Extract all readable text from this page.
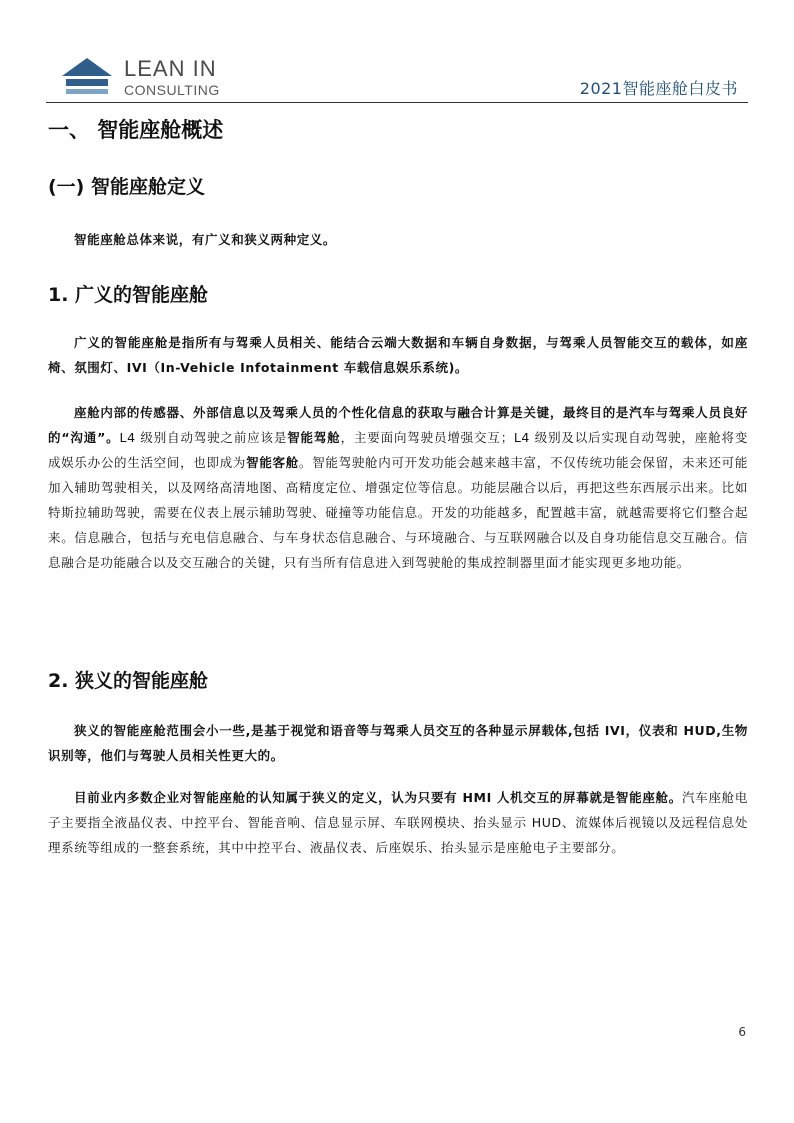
LEAN IN
CONSULTING	2021智能座舱白皮书
一、 智能座舱概述
(一) 智能座舱定义
智能座舱总体来说，有广义和狭义两种定义。
1. 广义的智能座舱
广义的智能座舱是指所有与驾乘人员相关、能结合云端大数据和车辆自身数据，与驾乘人员智能交互的载体，如座椅、氛围灯、IVI（In-Vehicle Infotainment 车载信息娱乐系统)。
座舱内部的传感器、外部信息以及驾乘人员的个性化信息的获取与融合计算是关键，最终目的是汽车与驾乘人员良好的“沟通”。L4 级别自动驾驶之前应该是智能驾舱，主要面向驾驶员增强交互；L4 级别及以后实现自动驾驶，座舱将变成娱乐办公的生活空间，也即成为智能客舱。智能驾驶舱内可开发功能会越来越丰富，不仅传统功能会保留，未来还可能加入辅助驾驶相关，以及网络高清地图、高精度定位、增强定位等信息。功能层融合以后，再把这些东西展示出来。比如特斯拉辅助驾驶，需要在仪表上展示辅助驾驶、碰撞等功能信息。开发的功能越多，配置越丰富，就越需要将它们整合起来。信息融合，包括与充电信息融合、与车身状态信息融合、与环境融合、与互联网融合以及自身功能信息交互融合。信息融合是功能融合以及交互融合的关键，只有当所有信息进入到驾驶舱的集成控制器里面才能实现更多地功能。
2. 狭义的智能座舱
狭义的智能座舱范围会小一些,是基于视觉和语音等与驾乘人员交互的各种显示屏载体,包括 IVI，仪表和 HUD,生物识别等，他们与驾驶人员相关性更大的。
目前业内多数企业对智能座舱的认知属于狭义的定义，认为只要有 HMI 人机交互的屏幕就是智能座舱。汽车座舱电子主要指全液晶仪表、中控平台、智能音响、信息显示屏、车联网模块、抬头显示 HUD、流媒体后视镜以及远程信息处理系统等组成的一整套系统，其中中控平台、液晶仪表、后座娱乐、抬头显示是座舱电子主要部分。
6
